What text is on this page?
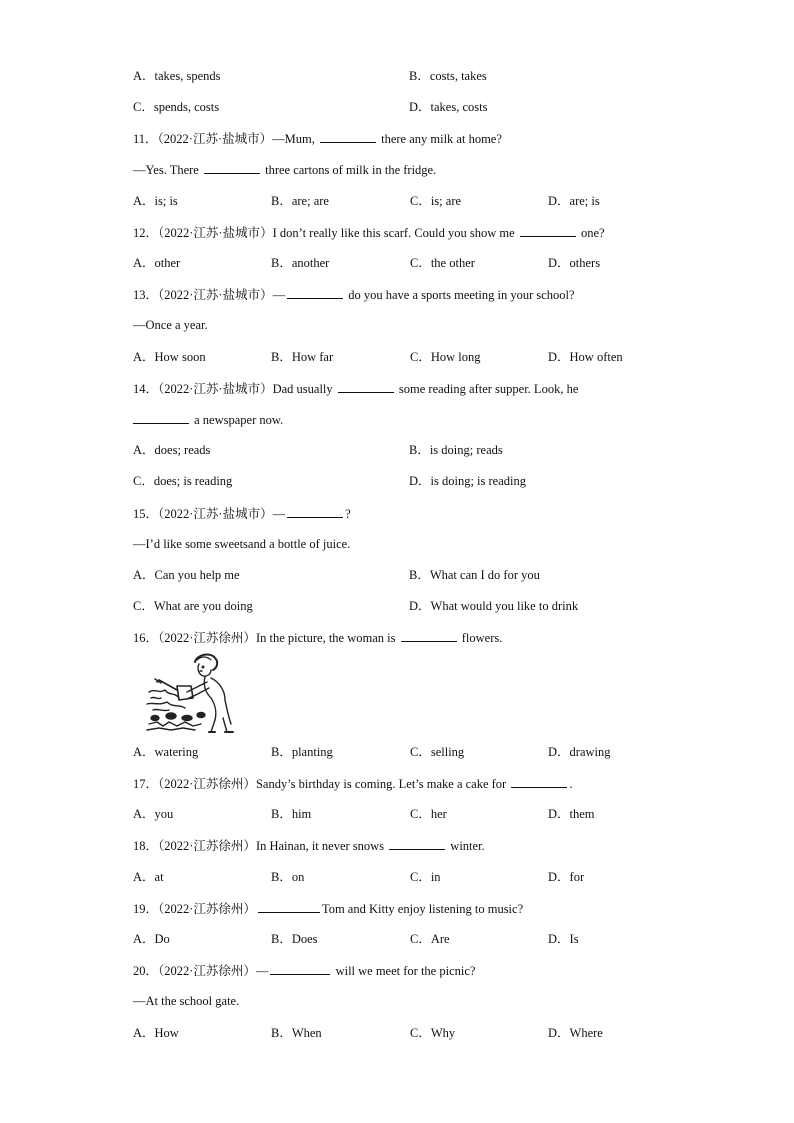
A．takes, spends	B．costs, takes
C．spends, costs	D．takes, costs
11．（2022·江苏·盐城市）—Mum,	there any milk at home?
—Yes. There	three cartons of milk in the fridge.
A．is; is	B．are; are	C．is; are	D．are; is
12．（2022·江苏·盐城市）I don’t really like this scarf. Could you show me	one?
A．other	B．another	C．the other	D．others
13．（2022·江苏·盐城市）—	do you have a sports meeting in your school?
—Once a year.
A．How soon	B．How far	C．How long	D．How often
14．（2022·江苏·盐城市）Dad usually	some reading after supper. Look, he
a newspaper now.
A．does; reads	B．is doing; reads
C．does; is reading	D．is doing; is reading
15．（2022·江苏·盐城市）—	?
—I’d like some sweetsand a bottle of juice.
A．Can you help me	B．What can I do for you
C．What are you doing	D．What would you like to drink
16．（2022·江苏徐州）In the picture, the woman is	flowers.
A．watering	B．planting	C．selling	D．drawing
17．（2022·江苏徐州）Sandy’s birthday is coming. Let’s make a cake for	.
A．you	B．him	C．her	D．them
18．（2022·江苏徐州）In Hainan, it never snows	winter.
A．at	B．on	C．in	D．for
19．（2022·江苏徐州）	Tom and Kitty enjoy listening to music?
A．Do	B．Does	C．Are	D．Is
20．（2022·江苏徐州）—	will we meet for the picnic?
—At the school gate.
A．How	B．When	C．Why	D．Where
